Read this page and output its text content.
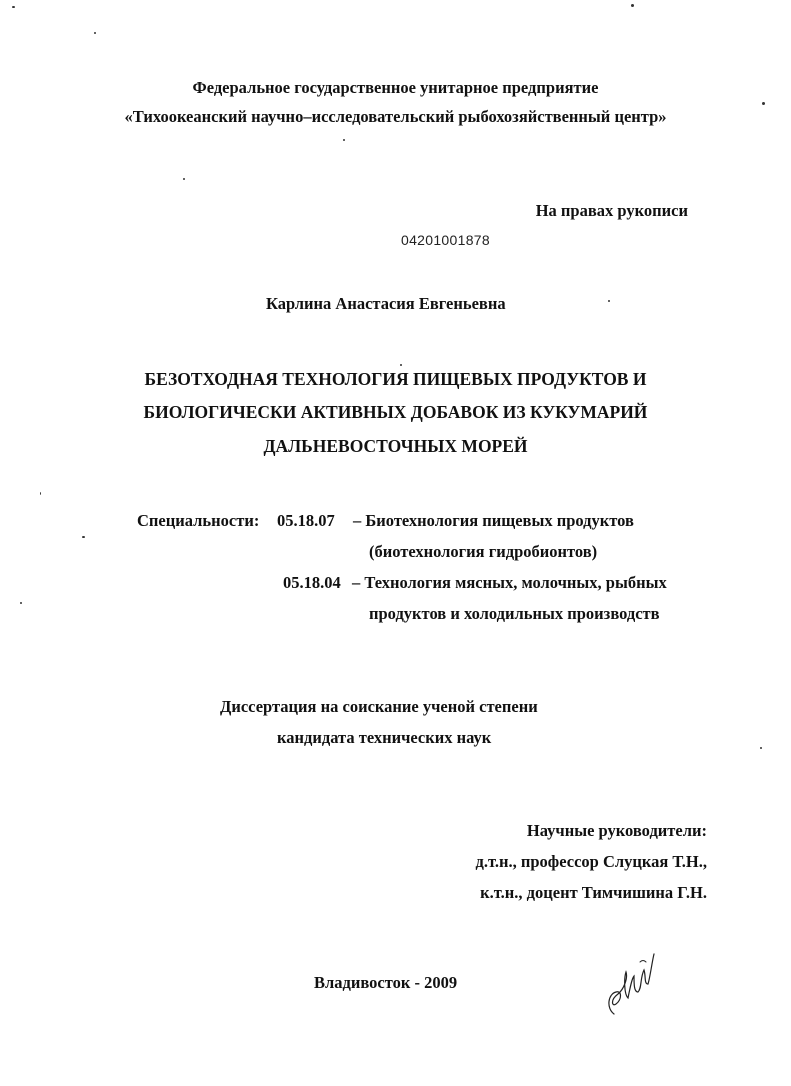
Федеральное государственное унитарное предприятие
«Тихоокеанский научно–исследовательский рыбохозяйственный центр»
На правах рукописи
04201001878
Карлина Анастасия Евгеньевна
БЕЗОТХОДНАЯ ТЕХНОЛОГИЯ ПИЩЕВЫХ ПРОДУКТОВ И
БИОЛОГИЧЕСКИ АКТИВНЫХ ДОБАВОК ИЗ КУКУМАРИЙ
ДАЛЬНЕВОСТОЧНЫХ МОРЕЙ
Специальности: 05.18.07 – Биотехнология пищевых продуктов
(биотехнология гидробионтов)
05.18.04 – Технология мясных, молочных, рыбных
продуктов и холодильных производств
Диссертация на соискание ученой степени
кандидата технических наук
Научные руководители:
д.т.н., профессор Слуцкая Т.Н.,
к.т.н., доцент Тимчишина Г.Н.
Владивосток - 2009
